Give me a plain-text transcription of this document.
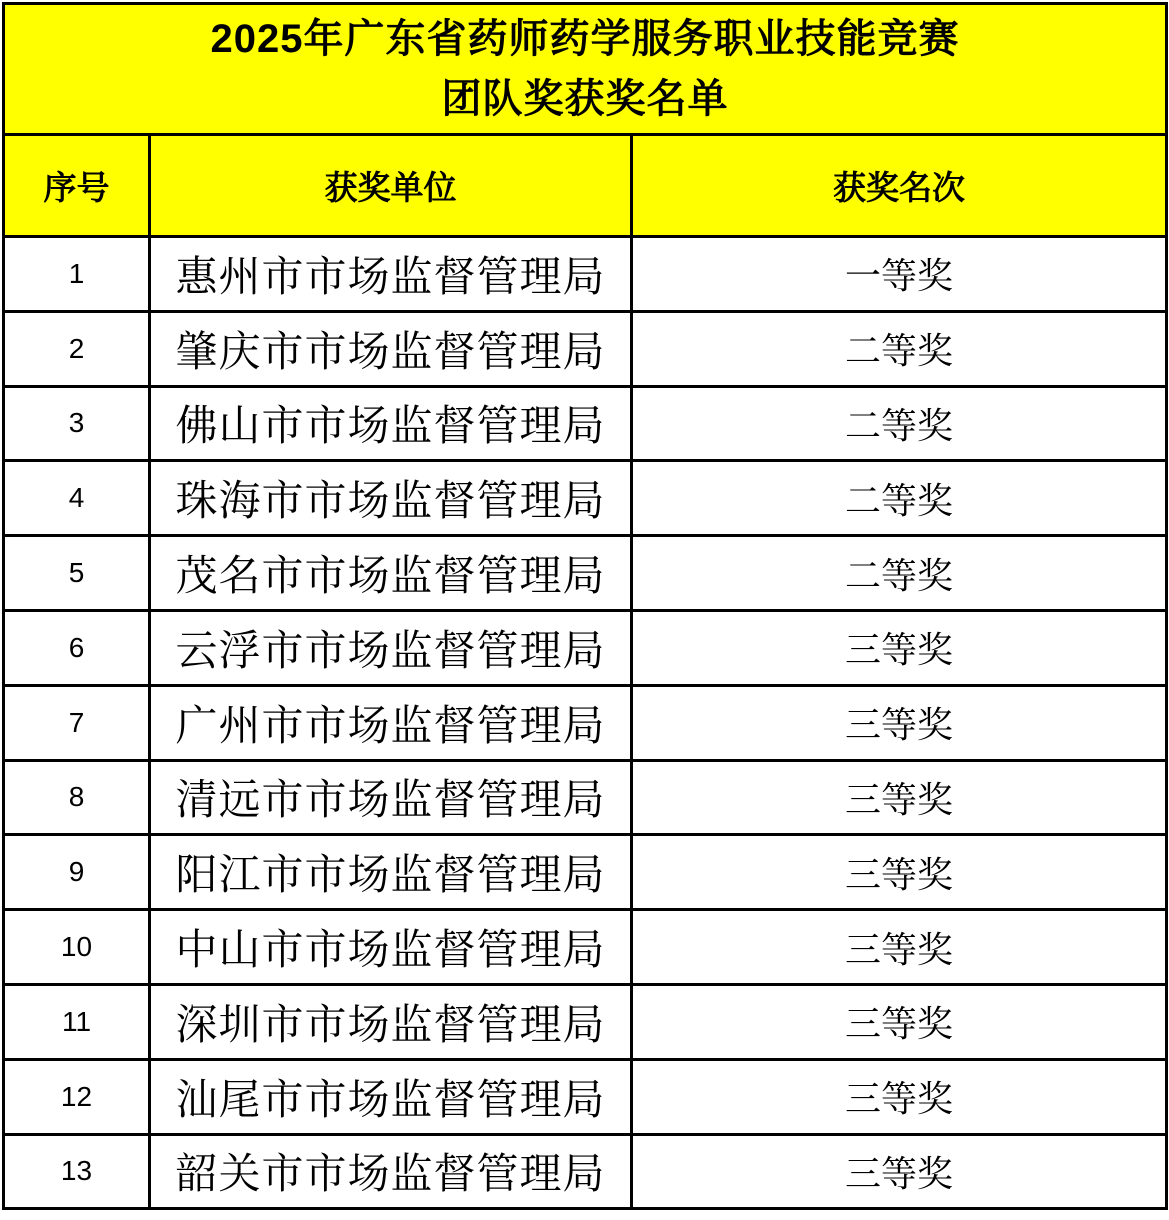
2025年广东省药师药学服务职业技能竞赛
团队奖获奖名单		

序号	获奖单位	获奖名次
1	惠州市市场监督管理局	一等奖
2	肇庆市市场监督管理局	二等奖
3	佛山市市场监督管理局	二等奖
4	珠海市市场监督管理局	二等奖
5	茂名市市场监督管理局	二等奖
6	云浮市市场监督管理局	三等奖
7	广州市市场监督管理局	三等奖
8	清远市市场监督管理局	三等奖
9	阳江市市场监督管理局	三等奖
10	中山市市场监督管理局	三等奖
11	深圳市市场监督管理局	三等奖
12	汕尾市市场监督管理局	三等奖
13	韶关市市场监督管理局	三等奖
